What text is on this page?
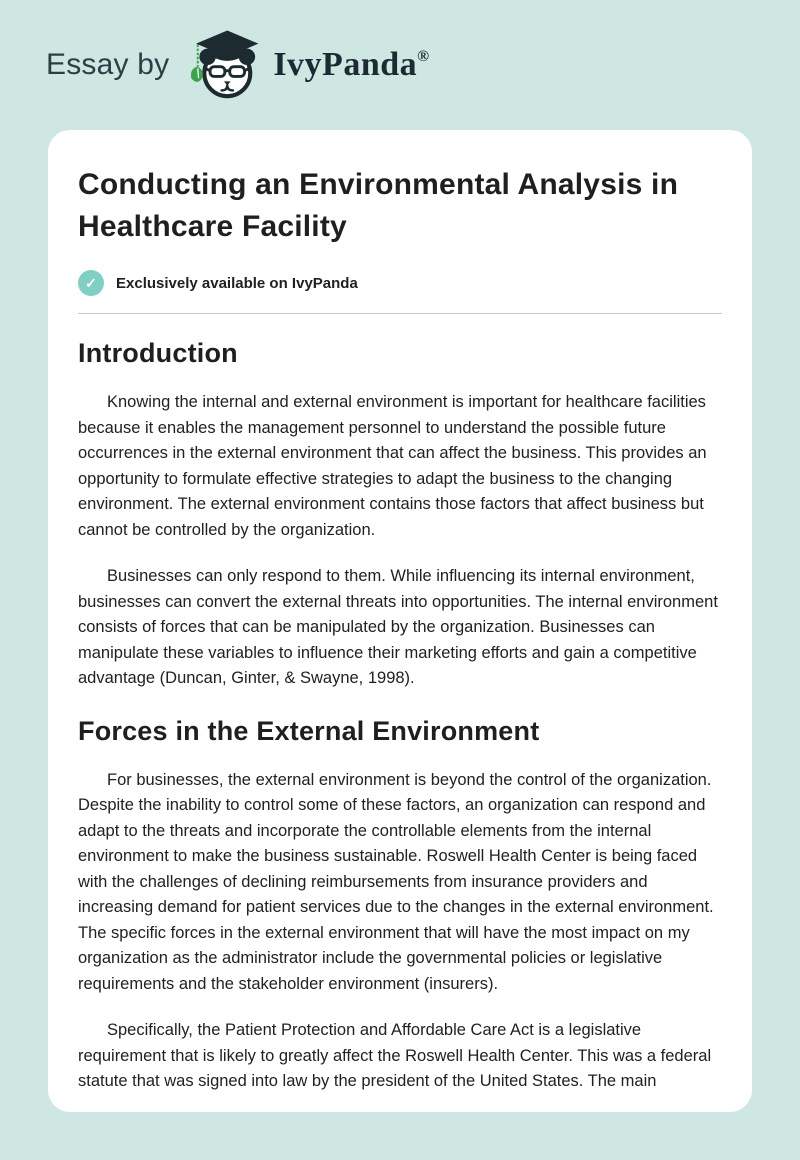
Essay by	IvyPanda®
Conducting an Environmental Analysis in Healthcare Facility
✓	Exclusively available on IvyPanda
Introduction

Knowing the internal and external environment is important for healthcare facilities because it enables the management personnel to understand the possible future occurrences in the external environment that can affect the business. This provides an opportunity to formulate effective strategies to adapt the business to the changing environment. The external environment contains those factors that affect business but cannot be controlled by the organization.

Businesses can only respond to them. While influencing its internal environment, businesses can convert the external threats into opportunities. The internal environment consists of forces that can be manipulated by the organization. Businesses can manipulate these variables to influence their marketing efforts and gain a competitive advantage (Duncan, Ginter, & Swayne, 1998).

Forces in the External Environment

For businesses, the external environment is beyond the control of the organization. Despite the inability to control some of these factors, an organization can respond and adapt to the threats and incorporate the controllable elements from the internal environment to make the business sustainable. Roswell Health Center is being faced with the challenges of declining reimbursements from insurance providers and increasing demand for patient services due to the changes in the external environment. The specific forces in the external environment that will have the most impact on my organization as the administrator include the governmental policies or legislative requirements and the stakeholder environment (insurers).

Specifically, the Patient Protection and Affordable Care Act is a legislative requirement that is likely to greatly affect the Roswell Health Center. This was a federal statute that was signed into law by the president of the United States. The main
